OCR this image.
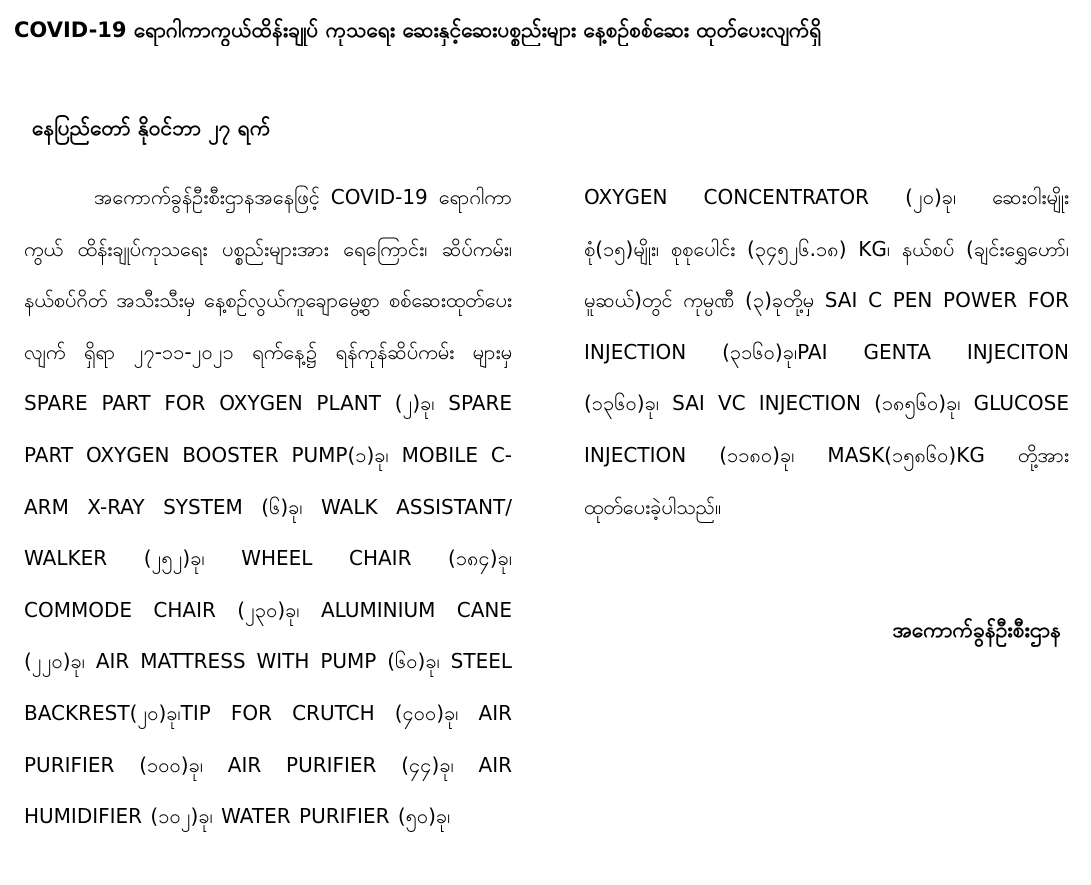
COVID-19 ရောဂါကာကွယ်ထိန်းချုပ် ကုသရေး ဆေးနှင့်ဆေးပစ္စည်းများ နေ့စဉ်စစ်ဆေး ထုတ်ပေးလျက်ရှိ
နေပြည်တော် နိုဝင်ဘာ ၂၇ ရက်

အကောက်ခွန်ဦးစီးဌာနအနေဖြင့် COVID-19 ရောဂါကာကွယ် ထိန်းချုပ်ကုသရေး ပစ္စည်းများအား ရေကြောင်း၊ ဆိပ်ကမ်း၊ နယ်စပ်ဂိတ် အသီးသီးမှ နေ့စဉ်လွယ်ကူချောမွေ့စွာ စစ်ဆေးထုတ်ပေးလျက် ရှိရာ ၂၇-၁၁-၂၀၂၁ ရက်နေ့၌ ရန်ကုန်ဆိပ်ကမ်း များမှ SPARE PART FOR OXYGEN PLANT (၂)ခု၊ SPARE PART OXYGEN BOOSTER PUMP(၁)ခု၊ MOBILE C-ARM X-RAY SYSTEM (၆)ခု၊ WALK ASSISTANT/ WALKER (၂၅၂)ခု၊ WHEEL CHAIR (၁၈၄)ခု၊ COMMODE CHAIR (၂၃၀)ခု၊ ALUMINIUM CANE (၂၂၀)ခု၊ AIR MATTRESS WITH PUMP (၆၀)ခု၊ STEEL BACKREST(၂၀)ခု၊TIP FOR CRUTCH (၄၀၀)ခု၊ AIR PURIFIER (၁၀၀)ခု၊ AIR PURIFIER (၄၄)ခု၊ AIR HUMIDIFIER (၁၀၂)ခု၊ WATER PURIFIER (၅၀)ခု၊

OXYGEN CONCENTRATOR (၂၀)ခု၊ ဆေးဝါးမျိုး စုံ(၁၅)မျိုး၊ စုစုပေါင်း (၃၄၅၂၆.၁၈) KG၊ နယ်စပ် (ချင်းရွှေဟော်၊ မူဆယ်)တွင် ကုမ္ပဏီ (၃)ခုတို့မှ SAI C PEN POWER FOR INJECTION (၃၁၆၀)ခု၊PAI GENTA INJECITON (၁၃၆၀)ခု၊ SAI VC INJECTION (၁၈၅၆၀)ခု၊ GLUCOSE INJECTION (၁၁၈၀)ခု၊ MASK(၁၅၈၆၀)KG တို့အား ထုတ်ပေးခဲ့ပါသည်။

အကောက်ခွန်ဦးစီးဌာန
